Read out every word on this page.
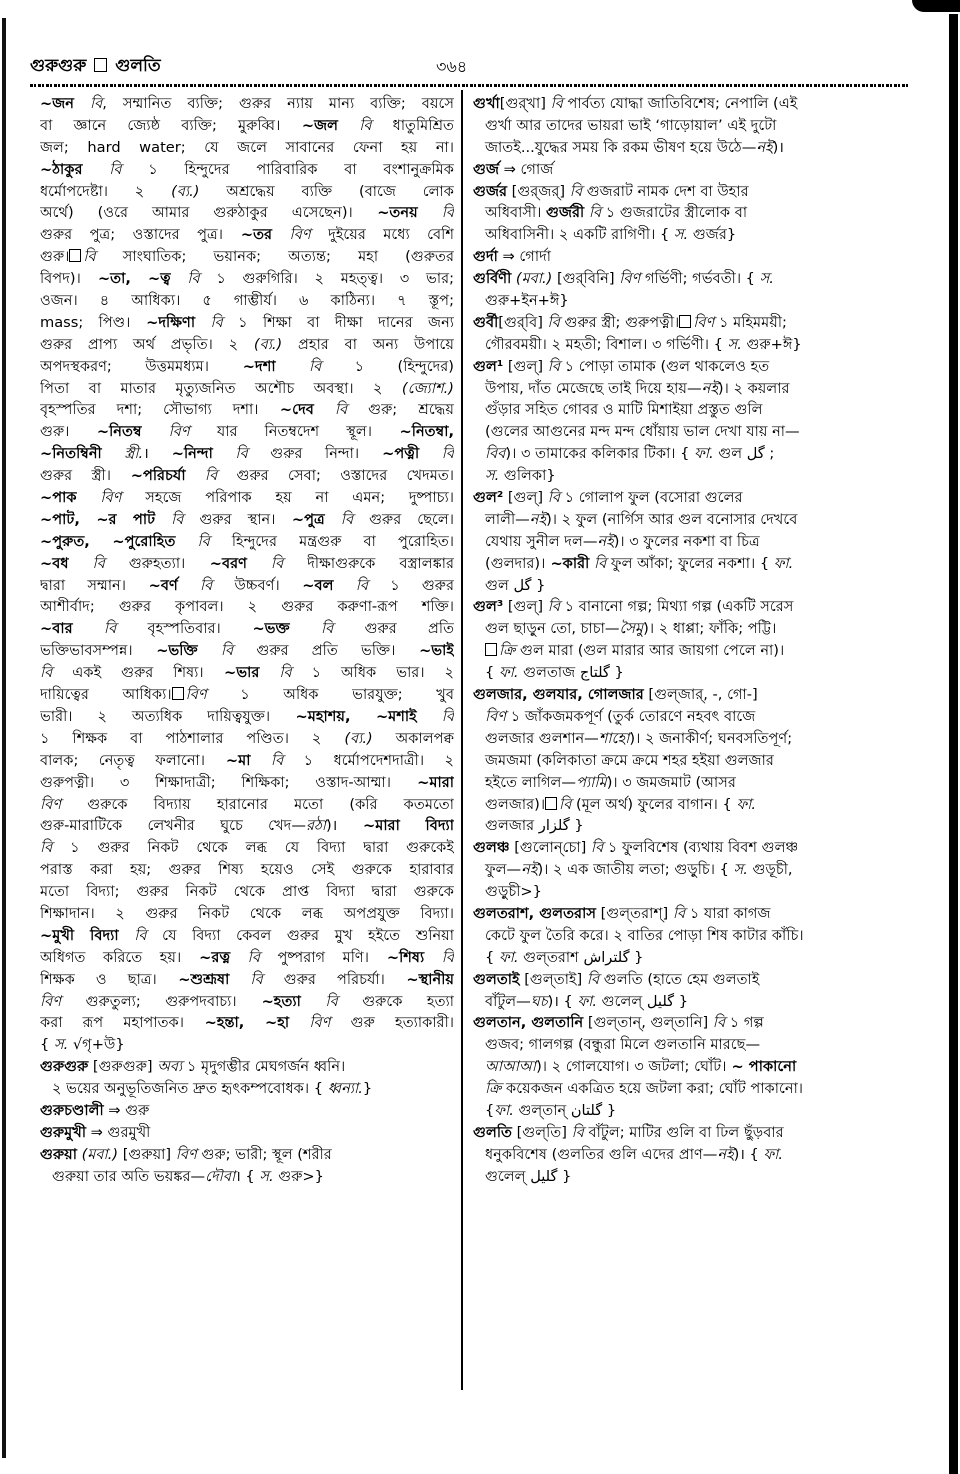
গুরুগুরু গুলতি	৩৬৪
~জন বি, সম্মানিত ব্যক্তি; গুরুর ন্যায় মান্য ব্যক্তি; বয়সে
বা জ্ঞানে জ্যেষ্ঠ ব্যক্তি; মুরুব্বি। ~জল বি ধাতুমিশ্রিত
জল; hard water; যে জলে সাবানের ফেনা হয় না।
~ঠাকুর বি ১ হিন্দুদের পারিবারিক বা বংশানুক্রমিক
ধর্মোপদেষ্টা। ২ (ব্য.) অশ্রদ্ধেয় ব্যক্তি (বাজে লোক
অর্থে) (ওরে আমার গুরুঠাকুর এসেছেন)। ~তনয় বি
গুরুর পুত্র; ওস্তাদের পুত্র। ~তর বিণ দুইয়ের মধ্যে বেশি
গুরু। বি সাংঘাতিক; ভয়ানক; অত্যন্ত; মহা (গুরুতর
বিপদ)। ~তা, ~ত্ব বি ১ গুরুগিরি। ২ মহত্ত্ব। ৩ ভার;
ওজন। ৪ আধিক্য। ৫ গাম্ভীর্য। ৬ কাঠিন্য। ৭ স্তূপ;
mass; পিণ্ড। ~দক্ষিণা বি ১ শিক্ষা বা দীক্ষা দানের জন্য
গুরুর প্রাপ্য অর্থ প্রভৃতি। ২ (ব্য.) প্রহার বা অন্য উপায়ে
অপদস্থকরণ; উত্তমমধ্যম। ~দশা বি ১ (হিন্দুদের)
পিতা বা মাতার মৃত্যুজনিত অশৌচ অবস্থা। ২ (জ্যোশ.)
বৃহস্পতির দশা; সৌভাগ্য দশা। ~দেব বি গুরু; শ্রদ্ধেয়
গুরু। ~নিতম্ব বিণ যার নিতম্বদেশ স্থূল। ~নিতম্বা,
~নিতম্বিনী স্ত্রী.। ~নিন্দা বি গুরুর নিন্দা। ~পত্নী বি
গুরুর স্ত্রী। ~পরিচর্যা বি গুরুর সেবা; ওস্তাদের খেদমত।
~পাক বিণ সহজে পরিপাক হয় না এমন; দুষ্পাচ্য।
~পাট, ~র পাট বি গুরুর স্থান। ~পুত্র বি গুরুর ছেলে।
~পুরুত, ~পুরোহিত বি হিন্দুদের মন্ত্রগুরু বা পুরোহিত।
~বধ বি গুরুহত্যা। ~বরণ বি দীক্ষাগুরুকে বস্ত্রালঙ্কার
দ্বারা সম্মান। ~বর্ণ বি উচ্চবর্ণ। ~বল বি ১ গুরুর
আশীর্বাদ; গুরুর কৃপাবল। ২ গুরুর করুণা-রূপ শক্তি।
~বার বি বৃহস্পতিবার। ~ভক্ত বি গুরুর প্রতি
ভক্তিভাবসম্পন্ন। ~ভক্তি বি গুরুর প্রতি ভক্তি। ~ভাই
বি একই গুরুর শিষ্য। ~ভার বি ১ অধিক ভার। ২
দায়িত্বের আধিক্য। বিণ ১ অধিক ভারযুক্ত; খুব
ভারী। ২ অত্যধিক দায়িত্বযুক্ত। ~মহাশয়, ~মশাই বি
১ শিক্ষক বা পাঠশালার পণ্ডিত। ২ (ব্য.) অকালপক্ব
বালক; নেতৃত্ব ফলানো। ~মা বি ১ ধর্মোপদেশদাত্রী। ২
গুরুপত্নী। ৩ শিক্ষাদাত্রী; শিক্ষিকা; ওস্তাদ-আম্মা। ~মারা
বিণ গুরুকে বিদ্যায় হারানোর মতো (করি কতমতো
গুরু-মারাটিকে লেখনীর ঘুচে খেদ—রঠা)। ~মারা বিদ্যা
বি ১ গুরুর নিকট থেকে লব্ধ যে বিদ্যা দ্বারা গুরুকেই
পরাস্ত করা হয়; গুরুর শিষ্য হয়েও সেই গুরুকে হারাবার
মতো বিদ্যা; গুরুর নিকট থেকে প্রাপ্ত বিদ্যা দ্বারা গুরুকে
শিক্ষাদান। ২ গুরুর নিকট থেকে লব্ধ অপপ্রযুক্ত বিদ্যা।
~মুখী বিদ্যা বি যে বিদ্যা কেবল গুরুর মুখ হইতে শুনিয়া
অধিগত করিতে হয়। ~রত্ন বি পুষ্পরাগ মণি। ~শিষ্য বি
শিক্ষক ও ছাত্র। ~শুশ্রূষা বি গুরুর পরিচর্যা। ~স্থানীয়
বিণ গুরুতুল্য; গুরুপদবাচ্য। ~হত্যা বি গুরুকে হত্যা
করা রূপ মহাপাতক। ~হন্তা, ~হা বিণ গুরু হত্যাকারী।
{ স. √গৃ+উ}
গুরুগুরু [গুরুগুরু] অব্য ১ মৃদুগম্ভীর মেঘগর্জন ধ্বনি।
২ ভয়ের অনুভূতিজনিত দ্রুত হৃৎকম্পবোধক। { ধ্বন্যা.}
গুরুচণ্ডালী ⇒ গুরু
গুরুমুখী ⇒ গুরমুখী
গুরুয়া (মবা.) [গুরুয়া] বিণ গুরু; ভারী; স্থূল (শরীর
গুরুয়া তার অতি ভয়ঙ্কর—দৌবা। { স. গুরু>}
গুর্খা[গুর্‌খা] বি পার্বত্য যোদ্ধা জাতিবিশেষ; নেপালি (এই
গুর্খা আর তাদের ভায়রা ভাই ‘গাড়োয়াল’ এই দুটো
জাতই...যুদ্ধের সময় কি রকম ভীষণ হয়ে উঠে—নই)।
গুর্জ ⇒ গোর্জ
গুর্জর [গুর্‌জর্‌] বি গুজরাট নামক দেশ বা উহার
অধিবাসী। গুর্জরী বি ১ গুজরাটের স্ত্রীলোক বা
অধিবাসিনী। ২ একটি রাগিণী। { স. গুর্জর}
গুর্দা ⇒ গোর্দা
গুর্বিণী (মবা.) [গুর্‌বিনি] বিণ গর্ভিণী; গর্ভবতী। { স.
গুরু+ইন+ঈ}
গুর্বী[গুর্‌বি] বি গুরুর স্ত্রী; গুরুপত্নী। বিণ ১ মহিমময়ী;
গৌরবময়ী। ২ মহতী; বিশাল। ৩ গর্ভিণী। { স. গুরু+ঈ}
গুল¹ [গুল্‌] বি ১ পোড়া তামাক (গুল থাকলেও হত
উপায়, দাঁত মেজেছে তাই দিয়ে হায়—নই)। ২ কয়লার
গুঁড়ার সহিত গোবর ও মাটি মিশাইয়া প্রস্তুত গুলি
(গুলের আগুনের মন্দ মন্দ ধোঁয়ায় ভাল দেখা যায় না—
বিব)। ৩ তামাকের কলিকার টিকা। { ফা. গুল گل ;
স. গুলিকা}
গুল² [গুল্‌] বি ১ গোলাপ ফুল (বসোরা গুলের
লালী—নই)। ২ ফুল (নার্গিস আর গুল বনোসার দেখবে
যেথায় সুনীল দল—নই)। ৩ ফুলের নকশা বা চিত্র
(গুলদার)। ~কারী বি ফুল আঁকা; ফুলের নকশা। { ফা.
গুল گل }
গুল³ [গুল্‌] বি ১ বানানো গল্প; মিথ্যা গল্প (একটি সরেস
গুল ছাড়ুন তো, চাচা—সৈমু)। ২ ধাপ্পা; ফাঁকি; পট্টি।
ক্রি গুল মারা (গুল মারার আর জায়গা পেলে না)।
{ ফা. গুলতাজ گلتاج }
গুলজার, গুলযার, গোলজার [গুল্‌জার্‌, -, গো-]
বিণ ১ জাঁকজমকপূর্ণ (তুর্ক তোরণে নহবৎ বাজে
গুলজার গুলশান—শাহো)। ২ জনাকীর্ণ; ঘনবসতিপূর্ণ;
জমজমা (কলিকাতা ক্রমে ক্রমে শহর হইয়া গুলজার
হইতে লাগিল—প্যামি)। ৩ জমজমাট (আসর
গুলজার)। বি (মূল অর্থ) ফুলের বাগান। { ফা.
গুলজার گلزار }
গুলঞ্চ [গুলোন্‌চো] বি ১ ফুলবিশেষ (ব্যথায় বিবশ গুলঞ্চ
ফুল—নই)। ২ এক জাতীয় লতা; গুড়ুচি। { স. গুড়ূচী,
গুড়ুচী>}
গুলতরাশ, গুলতরাস [গুল্‌তরাশ্‌] বি ১ যারা কাগজ
কেটে ফুল তৈরি করে। ২ বাতির পোড়া শিষ কাটার কাঁচি।
{ ফা. গুল্‌তরাশ گلتراش }
গুলতাই [গুল্‌তাই] বি গুলতি (হাতে হেম গুলতাই
বাঁটুল—ঘচ)। { ফা. গুলেল্‌ گلیل }
গুলতান, গুলতানি [গুল্‌তান্‌, গুল্‌তানি] বি ১ গল্প
গুজব; গালগল্প (বন্ধুরা মিলে গুলতানি মারছে—
আআআ)। ২ গোলযোগ। ৩ জটলা; ঘোঁট। ~ পাকানো
ক্রি কয়েকজন একত্রিত হয়ে জটলা করা; ঘোঁট পাকানো।
{ফা. গুল্‌তান্‌ گلتان }
গুলতি [গুল্‌তি] বি বাঁটুল; মাটির গুলি বা ঢিল ছুঁড়বার
ধনুকবিশেষ (গুলতির গুলি এদের প্রাণ—নই)। { ফা.
গুলেল্‌ گلیل }
